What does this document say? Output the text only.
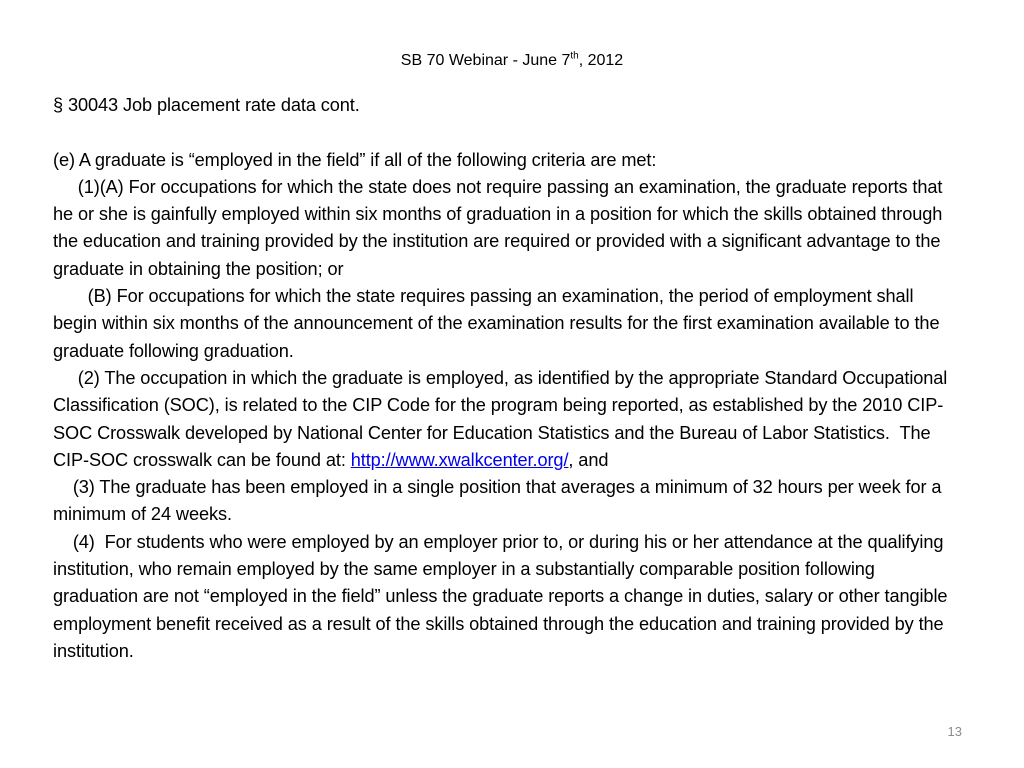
SB 70 Webinar - June 7th, 2012

§ 30043 Job placement rate data cont.

(e) A graduate is “employed in the field” if all of the following criteria are met:

(1)(A) For occupations for which the state does not require passing an examination, the graduate reports that he or she is gainfully employed within six months of graduation in a position for which the skills obtained through the education and training provided by the institution are required or provided with a significant advantage to the graduate in obtaining the position; or

(B) For occupations for which the state requires passing an examination, the period of employment shall begin within six months of the announcement of the examination results for the first examination available to the graduate following graduation.

(2) The occupation in which the graduate is employed, as identified by the appropriate Standard Occupational Classification (SOC), is related to the CIP Code for the program being reported, as established by the 2010 CIP-SOC Crosswalk developed by National Center for Education Statistics and the Bureau of Labor Statistics.  The CIP-SOC crosswalk can be found at: http://www.xwalkcenter.org/, and

(3) The graduate has been employed in a single position that averages a minimum of 32 hours per week for a minimum of 24 weeks.

(4)  For students who were employed by an employer prior to, or during his or her attendance at the qualifying institution, who remain employed by the same employer in a substantially comparable position following graduation are not “employed in the field” unless the graduate reports a change in duties, salary or other tangible employment benefit received as a result of the skills obtained through the education and training provided by the institution.

13
